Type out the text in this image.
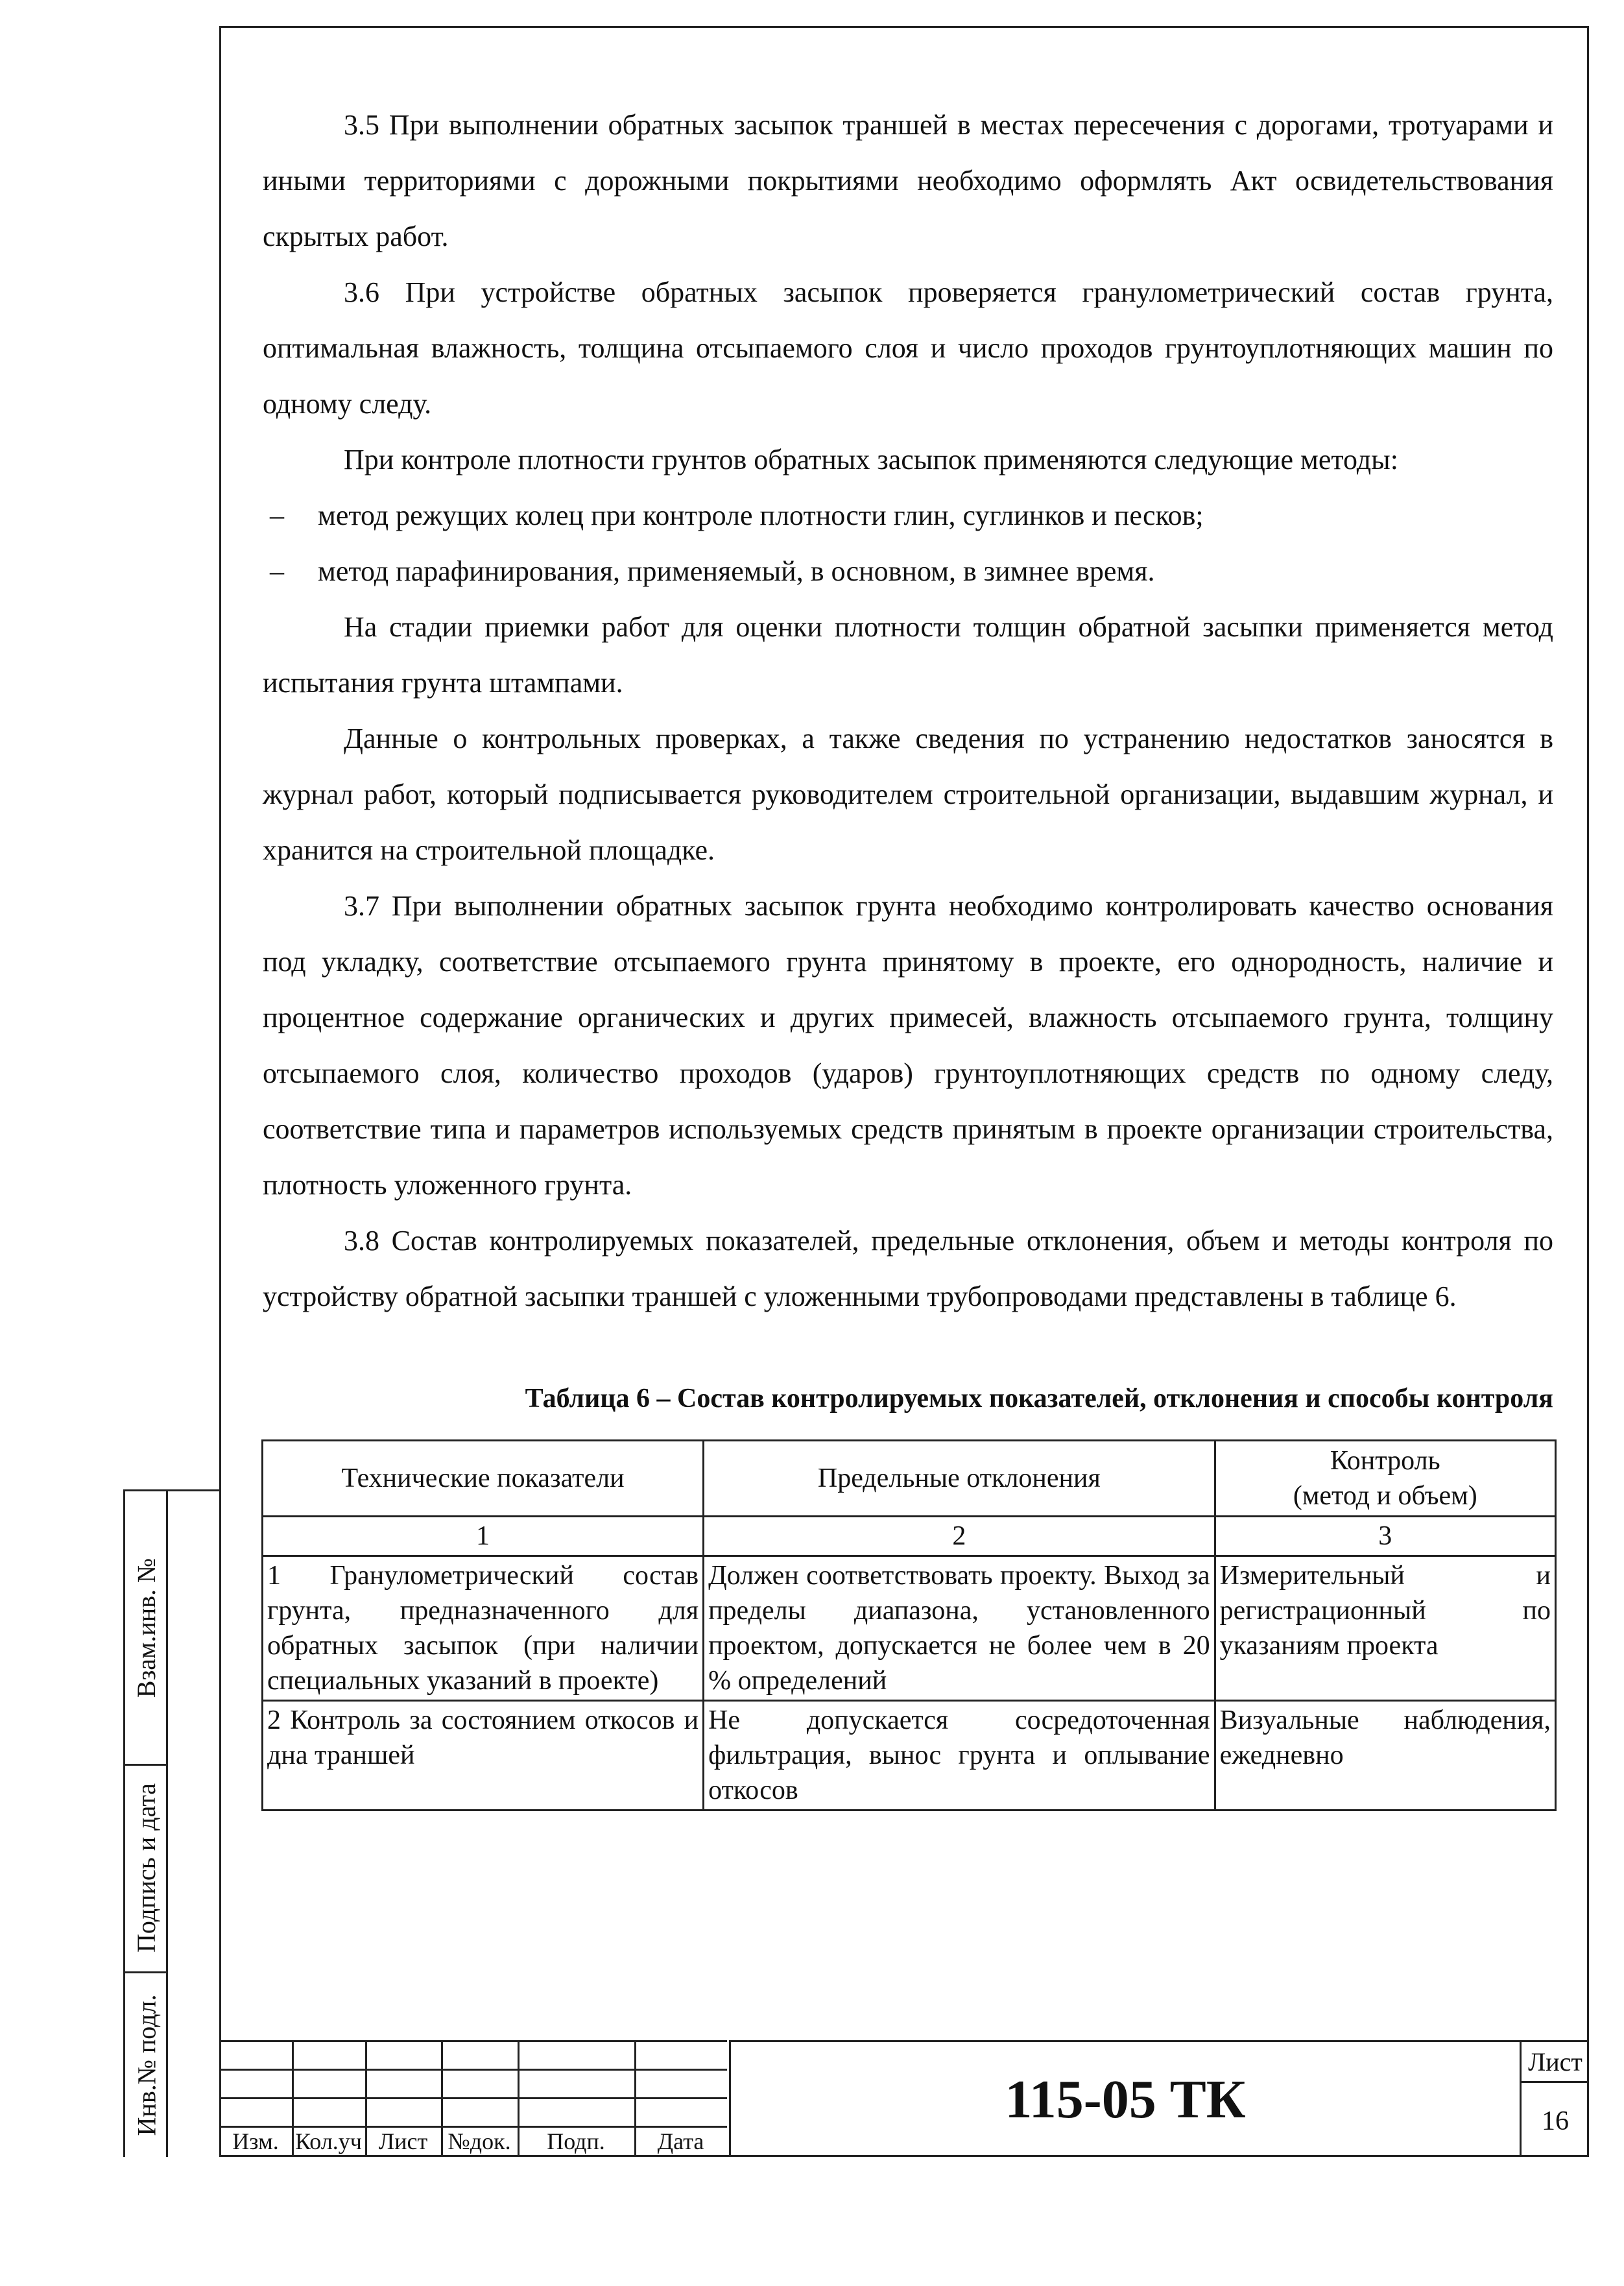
Взам.инв. №
Подпись и дата
Инв.№ подл.

3.5 При выполнении обратных засыпок траншей в местах пересечения с дорогами, тротуарами и иными территориями с дорожными покрытиями необходимо оформлять Акт освидетельствования скрытых работ.

3.6 При устройстве обратных засыпок проверяется гранулометрический состав грунта, оптимальная влажность, толщина отсыпаемого слоя и число проходов грунтоуплотняющих машин по одному следу.

При контроле плотности грунтов обратных засыпок применяются следующие методы:

– метод режущих колец при контроле плотности глин, суглинков и песков;

– метод парафинирования, применяемый, в основном, в зимнее время.

На стадии приемки работ для оценки плотности толщин обратной засыпки применяется метод испытания грунта штампами.

Данные о контрольных проверках, а также сведения по устранению недостатков заносятся в журнал работ, который подписывается руководителем строительной организации, выдавшим журнал, и хранится на строительной площадке.

3.7 При выполнении обратных засыпок грунта необходимо контролировать качество основания под укладку, соответствие отсыпаемого грунта принятому в проекте, его однородность, наличие и процентное содержание органических и других примесей, влажность отсыпаемого грунта, толщину отсыпаемого слоя, количество проходов (ударов) грунтоуплотняющих средств по одному следу, соответствие типа и параметров используемых средств принятым в проекте организации строительства, плотность уложенного грунта.

3.8 Состав контролируемых показателей, предельные отклонения, объем и методы контроля по устройству обратной засыпки траншей с уложенными трубопроводами представлены в таблице 6.

Таблица 6 – Состав контролируемых показателей, отклонения и способы контроля
Технические показатели	Предельные отклонения	Контроль
(метод и объем)
1	2	3
1 Гранулометрический состав грунта, предназначенного для обратных засыпок (при наличии специальных указаний в проекте)	Должен соответствовать проекту. Выход за пределы диапазона, установленного проектом, допускается не более чем в 20 % определений	Измерительный и регистрационный по указаниям проекта
2 Контроль за состоянием откосов и дна траншей	Не допускается сосредоточенная фильтрация, вынос грунта и оплывание откосов	Визуальные наблюдения, ежедневно
Изм. Кол.уч Лист №док.	Подп.	Дата
115-05 ТК
Лист
16
